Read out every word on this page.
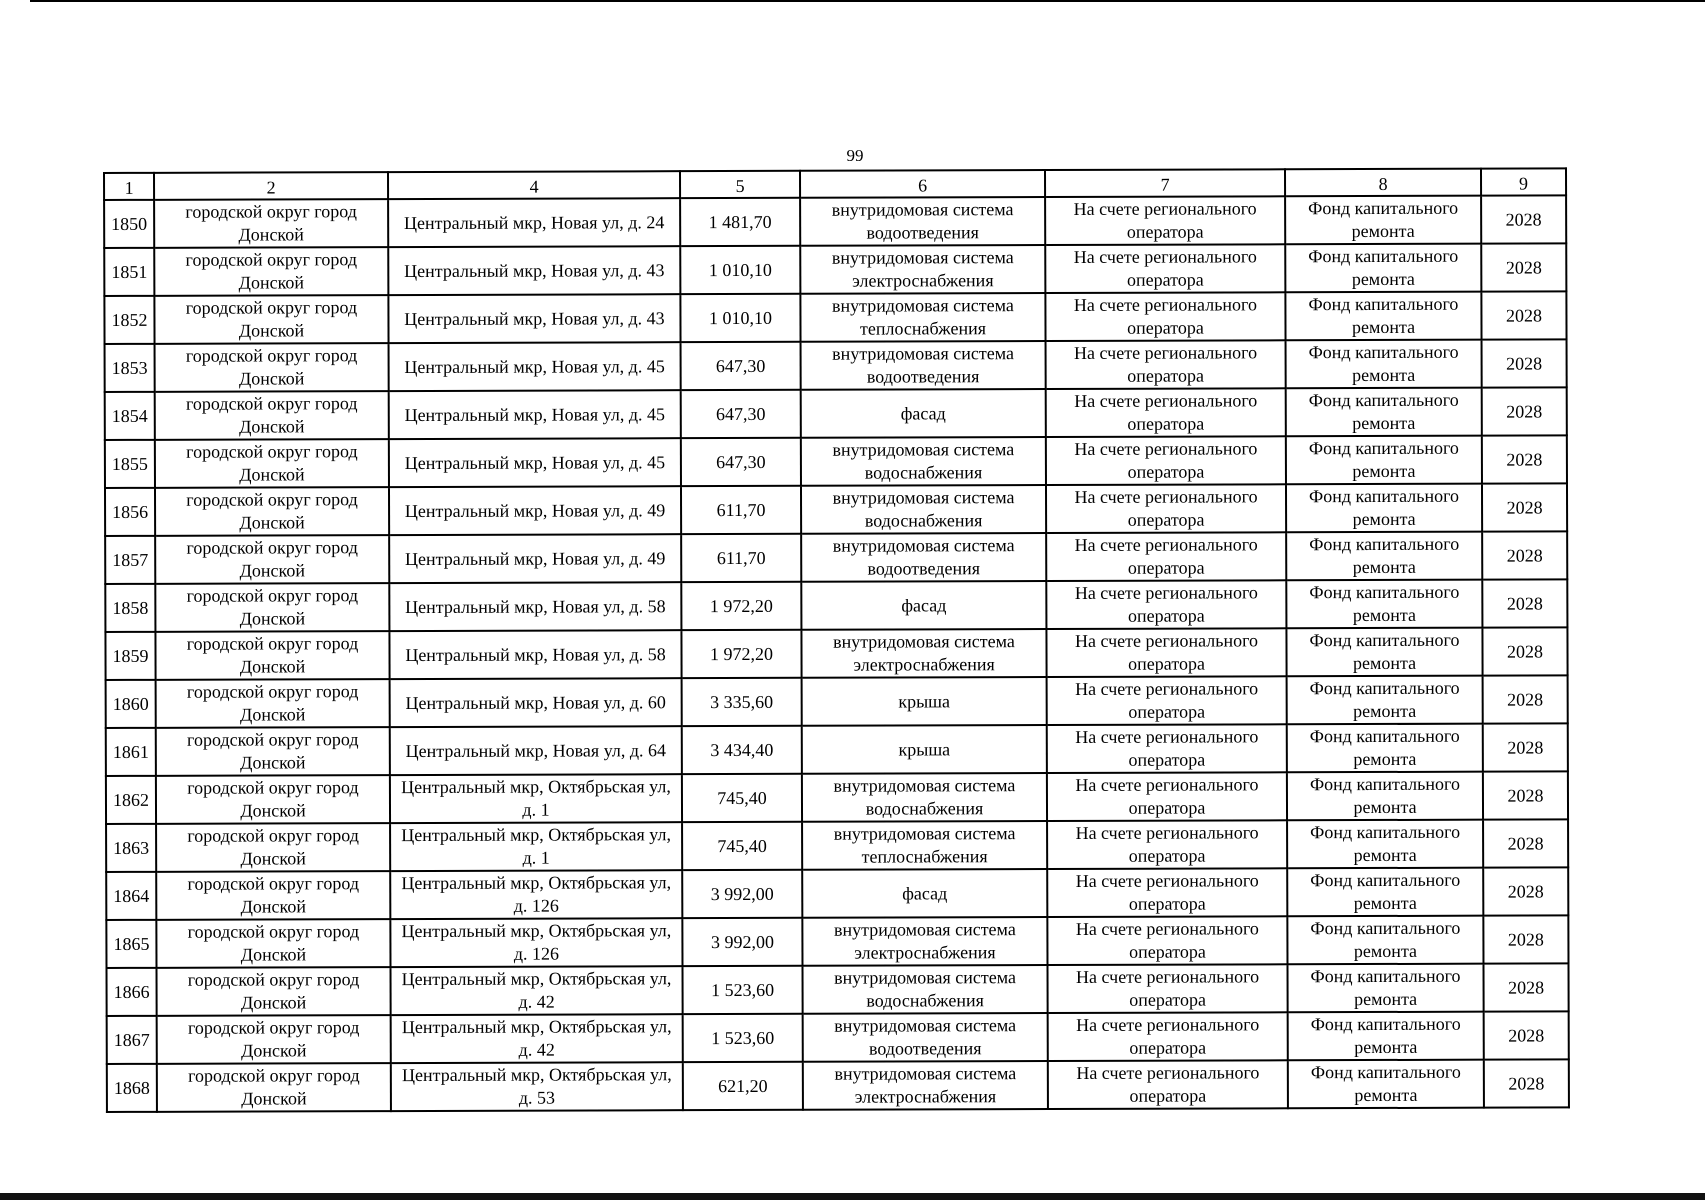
99
1	2	4	5	6	7	8	9
1850	городской округ город Донской	Центральный мкр, Новая ул, д. 24	1 481,70	внутридомовая система водоотведения	На счете регионального оператора	Фонд капитального ремонта	2028
1851	городской округ город Донской	Центральный мкр, Новая ул, д. 43	1 010,10	внутридомовая система электроснабжения	На счете регионального оператора	Фонд капитального ремонта	2028
1852	городской округ город Донской	Центральный мкр, Новая ул, д. 43	1 010,10	внутридомовая система теплоснабжения	На счете регионального оператора	Фонд капитального ремонта	2028
1853	городской округ город Донской	Центральный мкр, Новая ул, д. 45	647,30	внутридомовая система водоотведения	На счете регионального оператора	Фонд капитального ремонта	2028
1854	городской округ город Донской	Центральный мкр, Новая ул, д. 45	647,30	фасад	На счете регионального оператора	Фонд капитального ремонта	2028
1855	городской округ город Донской	Центральный мкр, Новая ул, д. 45	647,30	внутридомовая система водоснабжения	На счете регионального оператора	Фонд капитального ремонта	2028
1856	городской округ город Донской	Центральный мкр, Новая ул, д. 49	611,70	внутридомовая система водоснабжения	На счете регионального оператора	Фонд капитального ремонта	2028
1857	городской округ город Донской	Центральный мкр, Новая ул, д. 49	611,70	внутридомовая система водоотведения	На счете регионального оператора	Фонд капитального ремонта	2028
1858	городской округ город Донской	Центральный мкр, Новая ул, д. 58	1 972,20	фасад	На счете регионального оператора	Фонд капитального ремонта	2028
1859	городской округ город Донской	Центральный мкр, Новая ул, д. 58	1 972,20	внутридомовая система электроснабжения	На счете регионального оператора	Фонд капитального ремонта	2028
1860	городской округ город Донской	Центральный мкр, Новая ул, д. 60	3 335,60	крыша	На счете регионального оператора	Фонд капитального ремонта	2028
1861	городской округ город Донской	Центральный мкр, Новая ул, д. 64	3 434,40	крыша	На счете регионального оператора	Фонд капитального ремонта	2028
1862	городской округ город Донской	Центральный мкр, Октябрьская ул, д. 1	745,40	внутридомовая система водоснабжения	На счете регионального оператора	Фонд капитального ремонта	2028
1863	городской округ город Донской	Центральный мкр, Октябрьская ул, д. 1	745,40	внутридомовая система теплоснабжения	На счете регионального оператора	Фонд капитального ремонта	2028
1864	городской округ город Донской	Центральный мкр, Октябрьская ул, д. 126	3 992,00	фасад	На счете регионального оператора	Фонд капитального ремонта	2028
1865	городской округ город Донской	Центральный мкр, Октябрьская ул, д. 126	3 992,00	внутридомовая система электроснабжения	На счете регионального оператора	Фонд капитального ремонта	2028
1866	городской округ город Донской	Центральный мкр, Октябрьская ул, д. 42	1 523,60	внутридомовая система водоснабжения	На счете регионального оператора	Фонд капитального ремонта	2028
1867	городской округ город Донской	Центральный мкр, Октябрьская ул, д. 42	1 523,60	внутридомовая система водоотведения	На счете регионального оператора	Фонд капитального ремонта	2028
1868	городской округ город Донской	Центральный мкр, Октябрьская ул, д. 53	621,20	внутридомовая система электроснабжения	На счете регионального оператора	Фонд капитального ремонта	2028
